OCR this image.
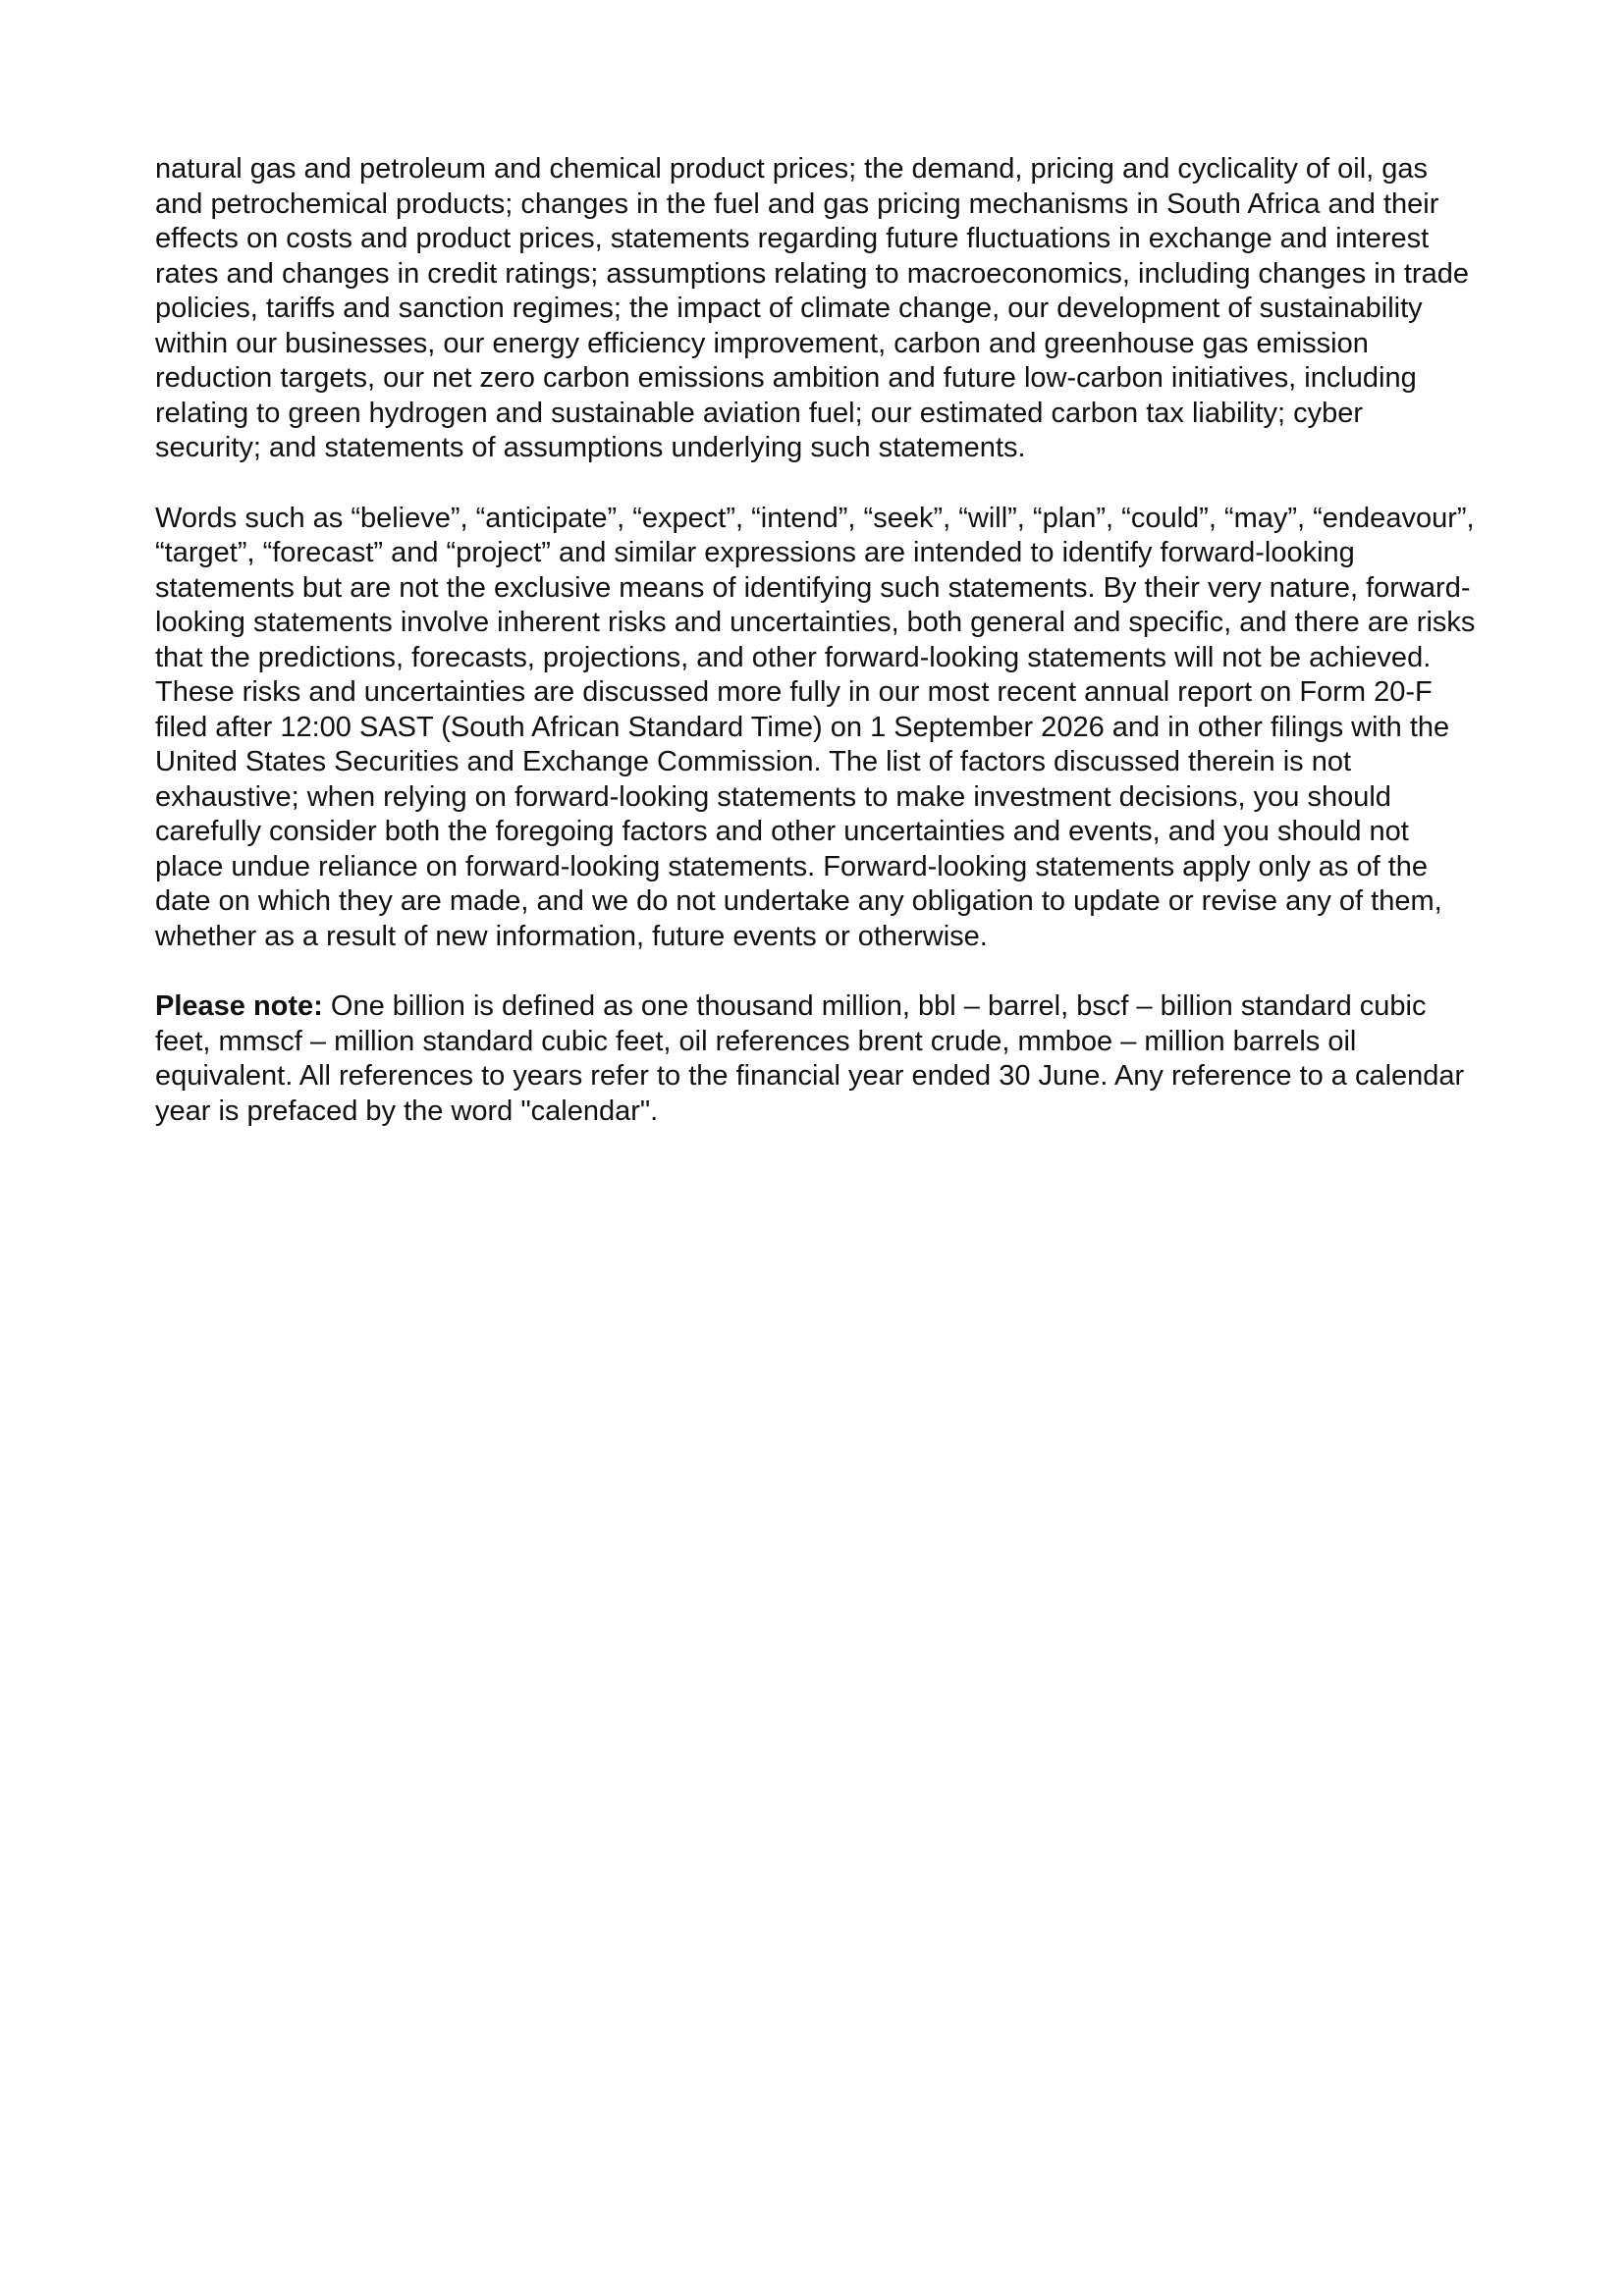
natural gas and petroleum and chemical product prices; the demand, pricing and cyclicality of oil, gas and petrochemical products; changes in the fuel and gas pricing mechanisms in South Africa and their effects on costs and product prices, statements regarding future fluctuations in exchange and interest rates and changes in credit ratings; assumptions relating to macroeconomics, including changes in trade policies, tariffs and sanction regimes; the impact of climate change, our development of sustainability within our businesses, our energy efficiency improvement, carbon and greenhouse gas emission reduction targets, our net zero carbon emissions ambition and future low-carbon initiatives, including relating to green hydrogen and sustainable aviation fuel; our estimated carbon tax liability; cyber security; and statements of assumptions underlying such statements.

Words such as “believe”, “anticipate”, “expect”, “intend”, “seek”, “will”, “plan”, “could”, “may”, “endeavour”, “target”, “forecast” and “project” and similar expressions are intended to identify forward-looking statements but are not the exclusive means of identifying such statements. By their very nature, forward-looking statements involve inherent risks and uncertainties, both general and specific, and there are risks that the predictions, forecasts, projections, and other forward-looking statements will not be achieved. These risks and uncertainties are discussed more fully in our most recent annual report on Form 20-F filed after 12:00 SAST (South African Standard Time) on 1 September 2026 and in other filings with the United States Securities and Exchange Commission. The list of factors discussed therein is not exhaustive; when relying on forward-looking statements to make investment decisions, you should carefully consider both the foregoing factors and other uncertainties and events, and you should not place undue reliance on forward-looking statements. Forward-looking statements apply only as of the date on which they are made, and we do not undertake any obligation to update or revise any of them, whether as a result of new information, future events or otherwise.

Please note: One billion is defined as one thousand million, bbl – barrel, bscf – billion standard cubic feet, mmscf – million standard cubic feet, oil references brent crude, mmboe – million barrels oil equivalent. All references to years refer to the financial year ended 30 June. Any reference to a calendar year is prefaced by the word "calendar".
